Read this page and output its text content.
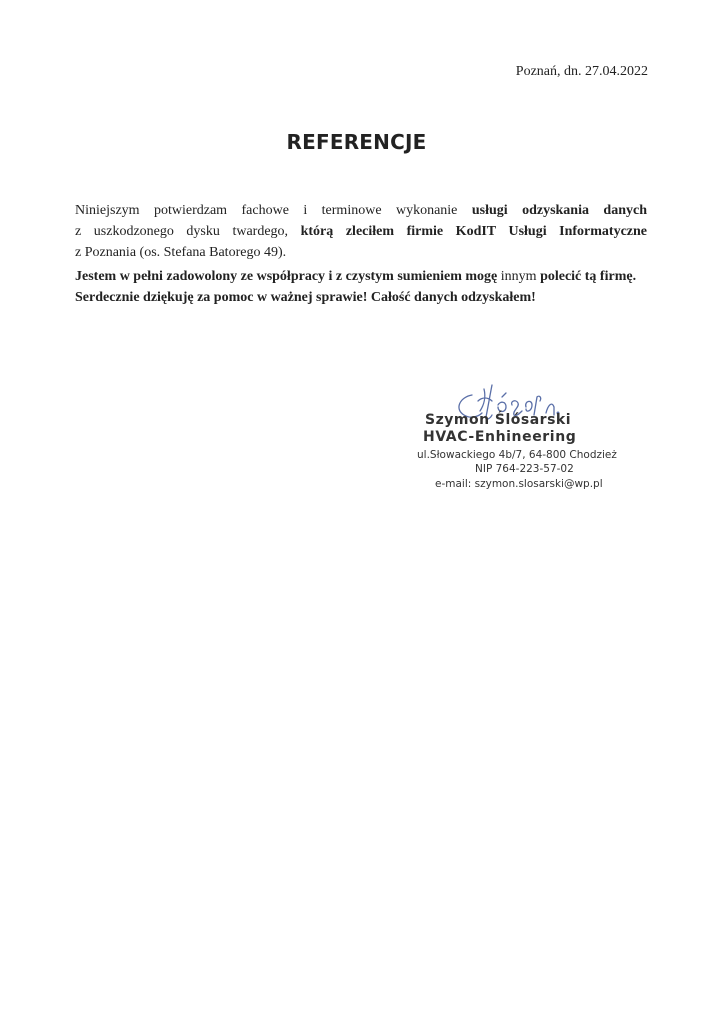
Poznań, dn. 27.04.2022
REFERENCJE
Niniejszym potwierdzam fachowe i terminowe wykonanie usługi odzyskania danych
z uszkodzonego dysku twardego, którą zleciłem firmie KodIT Usługi Informatyczne
z Poznania (os. Stefana Batorego 49).
Jestem w pełni zadowolony ze współpracy i z czystym sumieniem mogę innym polecić tą firmę.
Serdecznie dziękuję za pomoc w ważnej sprawie! Całość danych odzyskałem!
Szymon Ślósarski
HVAC-Enhineering
ul.Słowackiego 4b/7, 64-800 Chodzież
NIP 764-223-57-02
e-mail: szymon.slosarski@wp.pl
